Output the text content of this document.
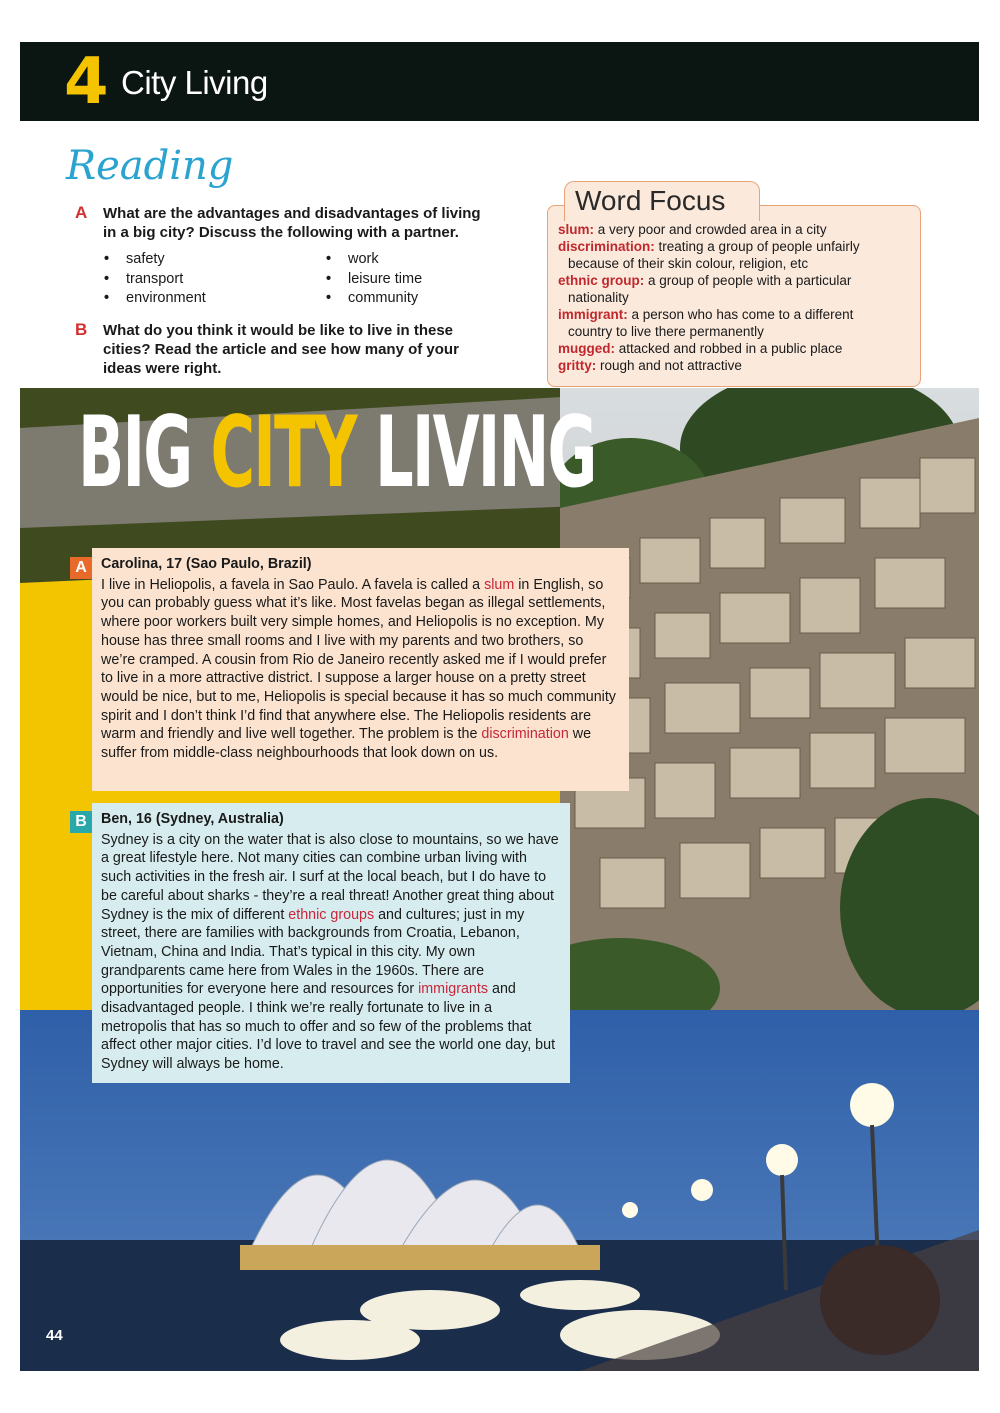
4 City Living
Reading
A What are the advantages and disadvantages of living
in a big city? Discuss the following with a partner.
• safety
• transport
• environment
• work
• leisure time
• community
B What do you think it would be like to live in these
cities? Read the article and see how many of your
ideas were right.
Word Focus
slum: a very poor and crowded area in a city
discrimination: treating a group of people unfairly
because of their skin colour, religion, etc
ethnic group: a group of people with a particular
nationality
immigrant: a person who has come to a different
country to live there permanently
mugged: attacked and robbed in a public place
gritty: rough and not attractive
BIG CITY LIVING
A Carolina, 17 (Sao Paulo, Brazil)
I live in Heliopolis, a favela in Sao Paulo. A favela is called a slum in English, so you can probably guess what it’s like. Most favelas began as illegal settlements, where poor workers built very simple homes, and Heliopolis is no exception. My house has three small rooms and I live with my parents and two brothers, so we’re cramped. A cousin from Rio de Janeiro recently asked me if I would prefer to live in a more attractive district. I suppose a larger house on a pretty street would be nice, but to me, Heliopolis is special because it has so much community spirit and I don’t think I’d find that anywhere else. The Heliopolis residents are warm and friendly and live well together. The problem is the discrimination we suffer from middle-class neighbourhoods that look down on us.
B Ben, 16 (Sydney, Australia)
Sydney is a city on the water that is also close to mountains, so we have a great lifestyle here. Not many cities can combine urban living with such activities in the fresh air. I surf at the local beach, but I do have to be careful about sharks - they’re a real threat! Another great thing about Sydney is the mix of different ethnic groups and cultures; just in my street, there are families with backgrounds from Croatia, Lebanon, Vietnam, China and India. That’s typical in this city. My own grandparents came here from Wales in the 1960s. There are opportunities for everyone here and resources for immigrants and disadvantaged people. I think we’re really fortunate to live in a metropolis that has so much to offer and so few of the problems that affect other major cities. I’d love to travel and see the world one day, but Sydney will always be home.
44
